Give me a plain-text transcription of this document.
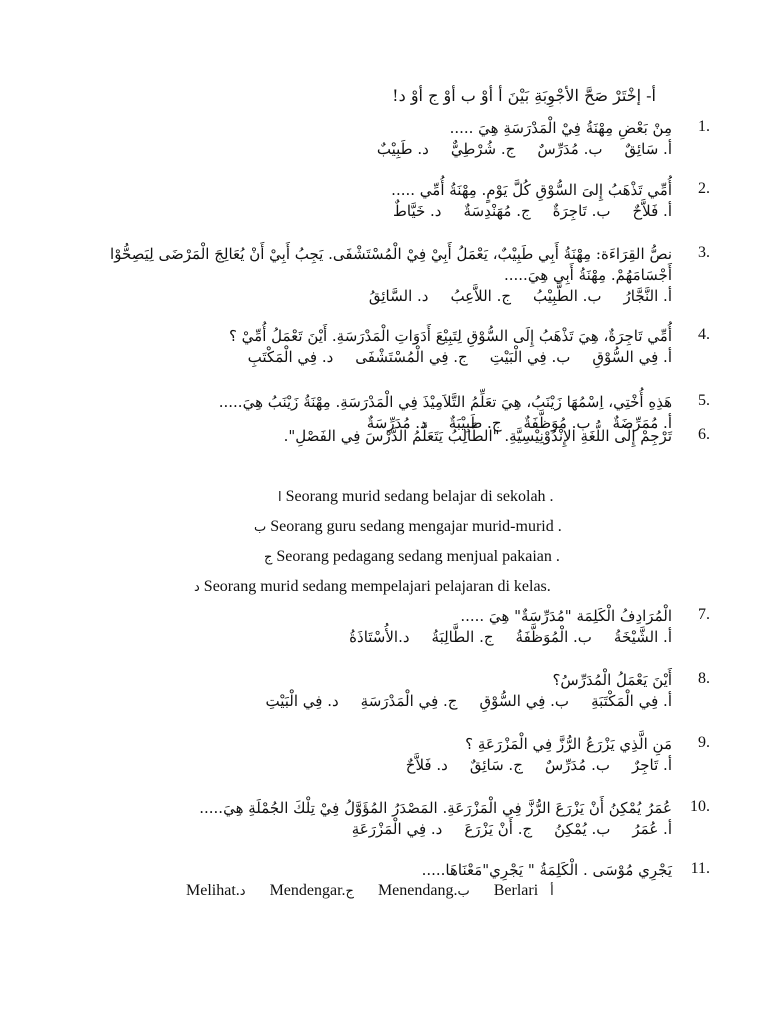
أ- إخْتَرْ صَحَّ الأجْوِبَةِ بَيْنَ أ أوْ ب أوْ ج أوْ د!
1.
مِنْ بَعْضِ مِهْنَةُ فِيْ الْمَدْرَسَةِ هِيَ .....
أ. سَائِقٌ
ب. مُدَرِّسٌ
ج. شُرْطِيٌّ
د. طَبِيْبٌ
2.
أُمِّي تَذْهَبُ إِلىَ السُّوْقِ كُلَّ يَوْمٍ. مِهْنَةُ أُمِّي .....
أ. فَلاَّحٌ
ب. تَاجِرَةٌ
ج. مُهَنْدِسَةٌ
د. خَيَّاطٌ
3.
نصُّ القِرَاءَة: مِهْنَةُ أَبِي طَبِيْبٌ، يَعْمَلُ أَبِيْ فِيْ الْمُسْتَشْفَى. يَجِبُ أَبِيْ أَنْ يُعَالِجَ الْمَرْضَى لِيَصِحُّوْا أَجْسَامَهُمْ. مِهْنَةُ أَبِي هِيَ.....
أ. النَّجَّارُ
ب. الطَّبِيْبُ
ج. اللاَّعِبُ
د. السَّائِقُ
4.
أُمِّي تَاجِرَةٌ، هِيَ تَذْهَبُ إِلَى السُّوْقِ لِتَبِيْعَ أَدَوَاتِ الْمَدْرَسَةِ. أَيْنَ تَعْمَلُ أُمِّيْ ؟
أ. فِي السُّوْقِ
ب. فِي الْبَيْتِ
ج. فِي الْمُسْتَشْفَى
د. فِي الْمَكْتَبِ
5.
هَذِهِ أُخْتِي، اِسْمُهَا زَيْنَبُ، هِيَ تعَلِّمُ التَّلاَمِيْذَ فِي الْمَدْرَسَةِ. مِهْنَةُ زَيْنَبُ هِيَ.....
أ. مُمَرِّضَةٌ
ب. مُوَظَّفَةٌ
ج. طَبِيْبَةٌ
د. مُدَرِّسَةٌ
6.
تَرْجِمْ إِلَى اللُّغَةِ الإِنْدُوْنِيْسِيَّةِ. "الطَّالِبُ يَتَعَلَّمُ الدَّرْسَ فِي الفَصْلِ".
ا Seorang murid sedang belajar di sekolah .
ب Seorang guru sedang mengajar murid-murid .
ج Seorang pedagang sedang menjual pakaian .
د Seorang murid sedang mempelajari pelajaran di kelas.
7.
الْمُرَادِفُ الْكَلِمَة "مُدَرِّسَةٌ" هِيَ .....
أ. الشَّيْخَةُ
ب. الْمُوَظَّفَةُ
ج. الطَّالِبَةُ
د.الأُسْتَاذَةُ
8.
أَيْنَ يَعْمَلُ الْمُدَرِّسُ؟
أ. فِي الْمَكْتَبَةِ
ب. فِي السُّوْقِ
ج. فِي الْمَدْرَسَةِ
د. فِي الْبَيْتِ
9.
مَنِ الَّذِي يَزْرَعُ الرُّزَّ فِي الْمَزْرَعَةِ ؟
أ. تَاجِرٌ
ب. مُدَرِّسٌ
ج. سَائِقٌ
د. فَلاَّحٌ
10.
عُمَرُ يُمْكِنُ أَنْ يَزْرَعَ الرُّزَّ فِي الْمَزْرَعَةِ. المَصْدَرُ المُؤَوَّلُ فِيْ تِلْكَ الجُمْلَةِ هِيَ.....
أ. عُمَرُ
ب. يُمْكِنُ
ج. أَنْ يَزْرَعَ
د. فِي الْمَزْرَعَةِ
11.
يَجْرِي مُوْسَى . الْكَلِمَةُ " يَجْرِي"مَعْنَاهَا.....
Melihat.د Mendengar.ج Menendang.ب Berlari أ
